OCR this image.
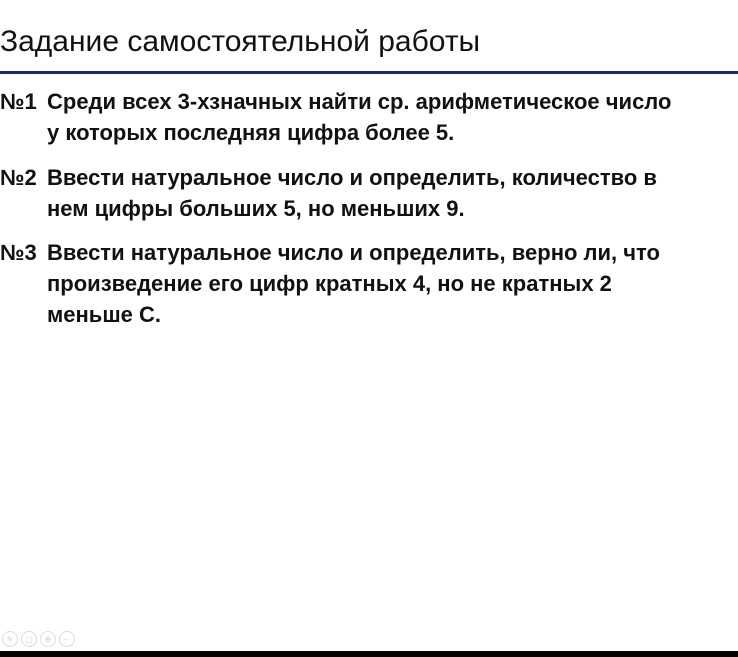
Задание самостоятельной работы
№1 Среди всех 3-хзначных найти ср. арифметическое число
у которых последняя цифра более 5.
№2 Ввести натуральное число и определить, количество в
нем цифры больших 5, но меньших 9.
№3 Ввести натуральное число и определить, верно ли, что
произведение его цифр кратных 4, но не кратных 2
меньше С.
✎	▢	⊕	⋯
